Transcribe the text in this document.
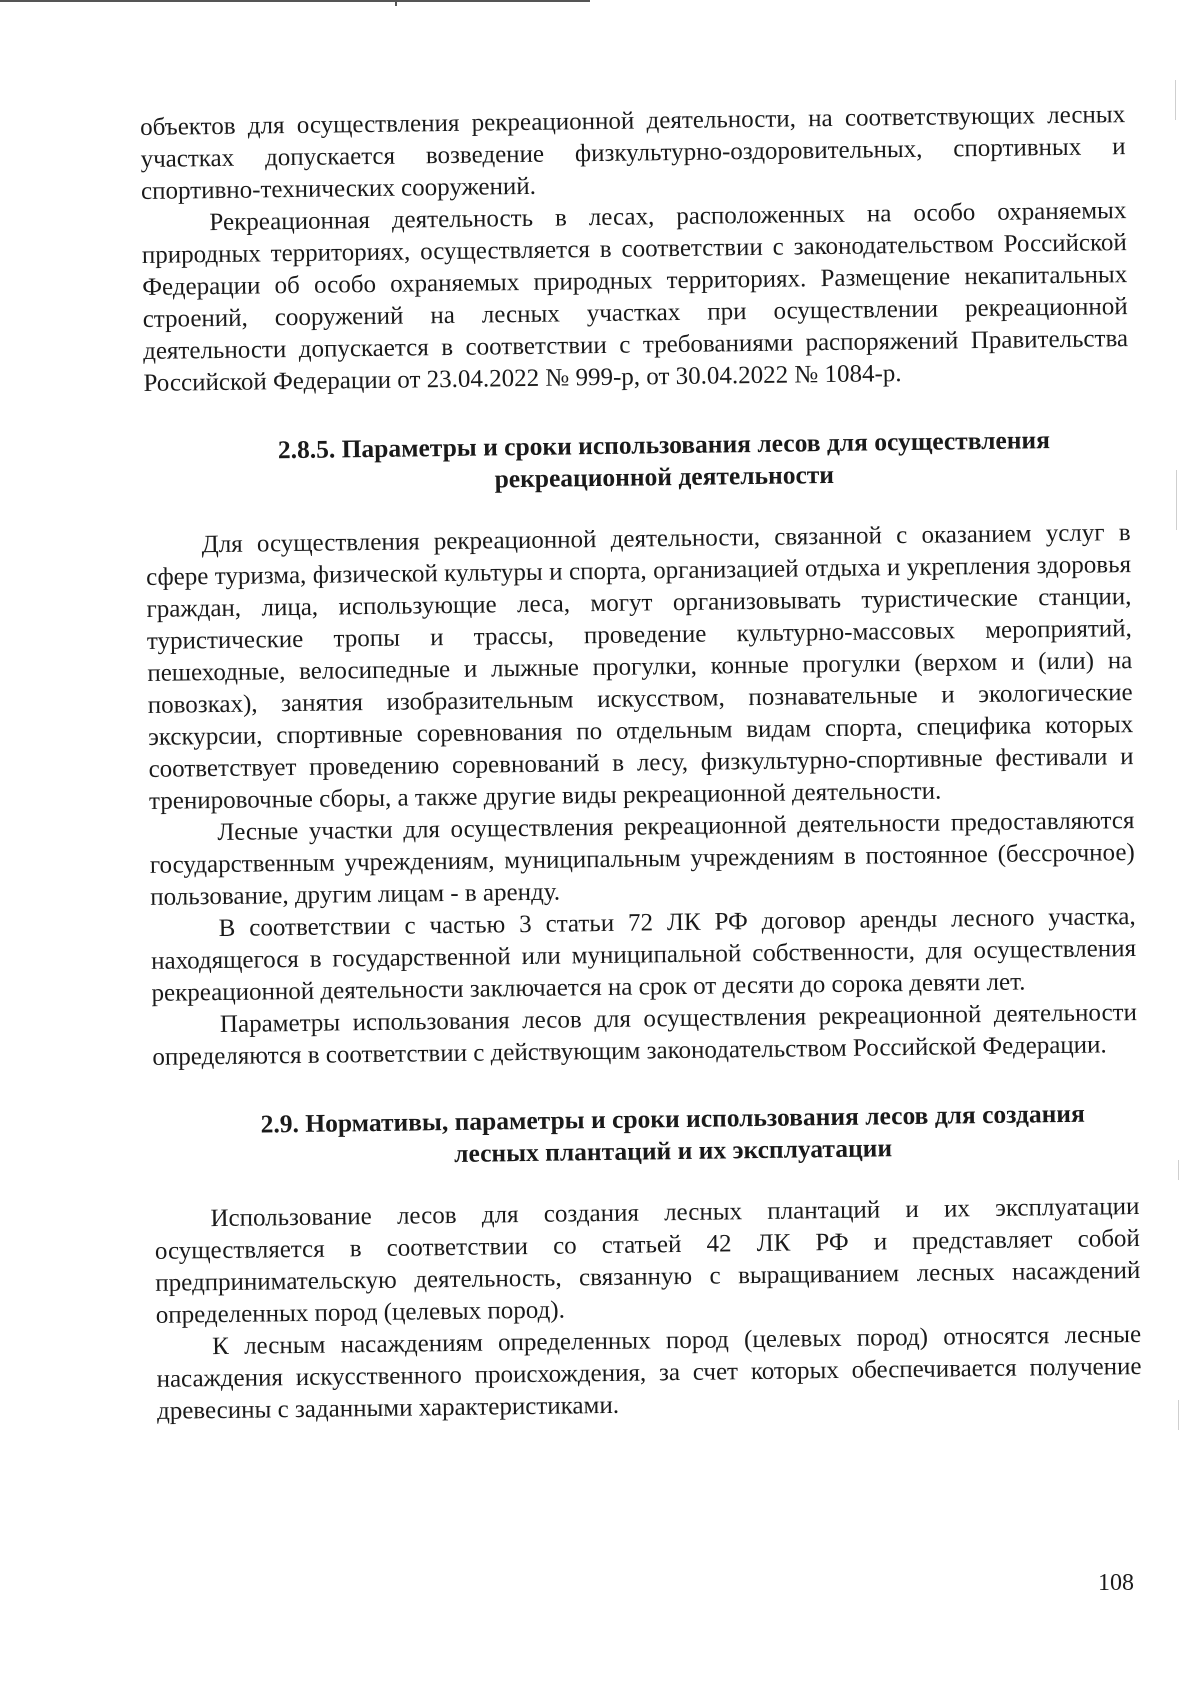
объектов для осуществления рекреационной деятельности, на соответствующих лесных участках допускается возведение физкультурно-оздоровительных, спортивных и спортивно-технических сооружений.

Рекреационная деятельность в лесах, расположенных на особо охраняемых природных территориях, осуществляется в соответствии с законодательством Российской Федерации об особо охраняемых природных территориях. Размещение некапитальных строений, сооружений на лесных участках при осуществлении рекреационной деятельности допускается в соответствии с требованиями распоряжений Правительства Российской Федерации от 23.04.2022 № 999-р, от 30.04.2022 № 1084-р.

2.8.5. Параметры и сроки использования лесов для осуществления
рекреационной деятельности

Для осуществления рекреационной деятельности, связанной с оказанием услуг в сфере туризма, физической культуры и спорта, организацией отдыха и укрепления здоровья граждан, лица, использующие леса, могут организовывать туристические станции, туристические тропы и трассы, проведение культурно-массовых мероприятий, пешеходные, велосипедные и лыжные прогулки, конные прогулки (верхом и (или) на повозках), занятия изобразительным искусством, познавательные и экологические экскурсии, спортивные соревнования по отдельным видам спорта, специфика которых соответствует проведению соревнований в лесу, физкультурно-спортивные фестивали и тренировочные сборы, а также другие виды рекреационной деятельности.

Лесные участки для осуществления рекреационной деятельности предоставляются государственным учреждениям, муниципальным учреждениям в постоянное (бессрочное) пользование, другим лицам - в аренду.

В соответствии с частью 3 статьи 72 ЛК РФ договор аренды лесного участка, находящегося в государственной или муниципальной собственности, для осуществления рекреационной деятельности заключается на срок от десяти до сорока девяти лет.

Параметры использования лесов для осуществления рекреационной деятельности определяются в соответствии с действующим законодательством Российской Федерации.

2.9. Нормативы, параметры и сроки использования лесов для создания
лесных плантаций и их эксплуатации

Использование лесов для создания лесных плантаций и их эксплуатации осуществляется в соответствии со статьей 42 ЛК РФ и представляет собой предпринимательскую деятельность, связанную с выращиванием лесных насаждений определенных пород (целевых пород).

К лесным насаждениям определенных пород (целевых пород) относятся лесные насаждения искусственного происхождения, за счет которых обеспечивается получение древесины с заданными характеристиками.

108
